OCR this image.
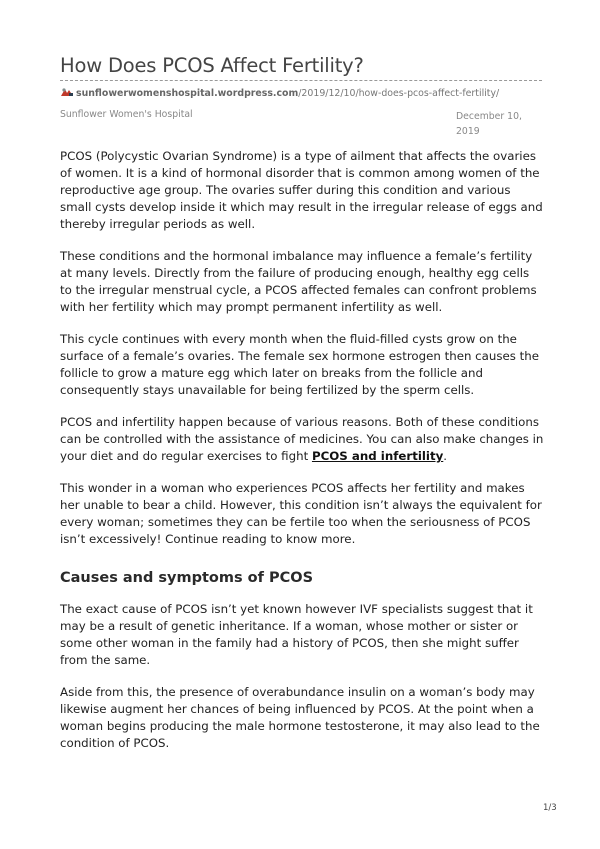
How Does PCOS Affect Fertility?
sunflowerwomenshospital.wordpress.com/2019/12/10/how-does-pcos-affect-fertility/
Sunflower Women's Hospital	December 10,
2019

PCOS (Polycystic Ovarian Syndrome) is a type of ailment that affects the ovaries of women. It is a kind of hormonal disorder that is common among women of the reproductive age group. The ovaries suffer during this condition and various small cysts develop inside it which may result in the irregular release of eggs and thereby irregular periods as well.

These conditions and the hormonal imbalance may influence a female’s fertility at many levels. Directly from the failure of producing enough, healthy egg cells to the irregular menstrual cycle, a PCOS affected females can confront problems with her fertility which may prompt permanent infertility as well.

This cycle continues with every month when the fluid-filled cysts grow on the surface of a female’s ovaries. The female sex hormone estrogen then causes the follicle to grow a mature egg which later on breaks from the follicle and consequently stays unavailable for being fertilized by the sperm cells.

PCOS and infertility happen because of various reasons. Both of these conditions can be controlled with the assistance of medicines. You can also make changes in your diet and do regular exercises to fight PCOS and infertility.

This wonder in a woman who experiences PCOS affects her fertility and makes her unable to bear a child. However, this condition isn’t always the equivalent for every woman; sometimes they can be fertile too when the seriousness of PCOS isn’t excessively! Continue reading to know more.

Causes and symptoms of PCOS

The exact cause of PCOS isn’t yet known however IVF specialists suggest that it may be a result of genetic inheritance. If a woman, whose mother or sister or some other woman in the family had a history of PCOS, then she might suffer from the same.

Aside from this, the presence of overabundance insulin on a woman’s body may likewise augment her chances of being influenced by PCOS. At the point when a woman begins producing the male hormone testosterone, it may also lead to the condition of PCOS.

1/3
